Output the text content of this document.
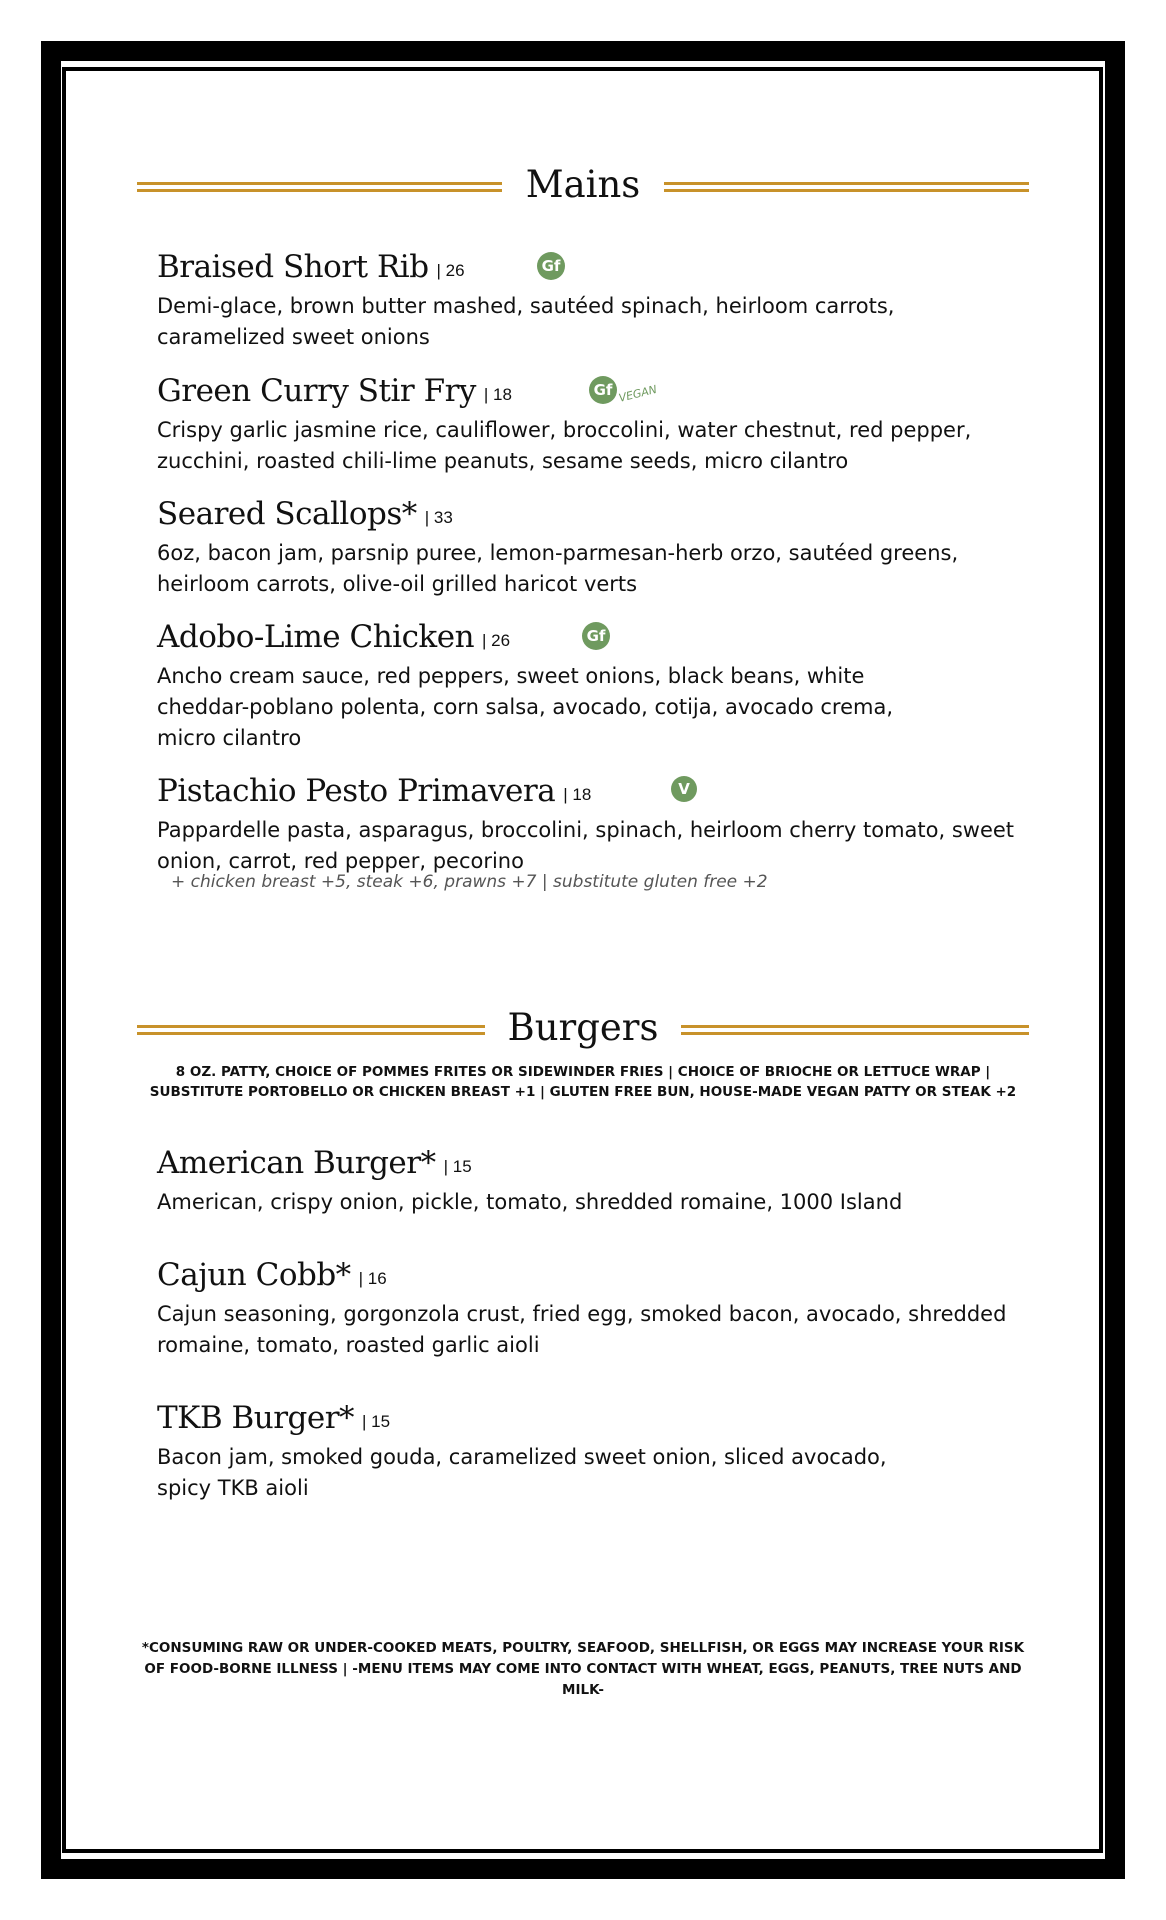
Mains
Braised Short Rib | 26
Demi-glace, brown butter mashed, sautéed spinach, heirloom carrots, caramelized sweet onions
Gf
Green Curry Stir Fry | 18
Crispy garlic jasmine rice, cauliflower, broccolini, water chestnut, red pepper, zucchini, roasted chili-lime peanuts, sesame seeds, micro cilantro
Gf VEGAN
Seared Scallops* | 33
6oz, bacon jam, parsnip puree, lemon-parmesan-herb orzo, sautéed greens, heirloom carrots, olive-oil grilled haricot verts
Adobo-Lime Chicken | 26
Ancho cream sauce, red peppers, sweet onions, black beans, white cheddar-poblano polenta, corn salsa, avocado, cotija, avocado crema, micro cilantro
Gf
Pistachio Pesto Primavera | 18
Pappardelle pasta, asparagus, broccolini, spinach, heirloom cherry tomato, sweet onion, carrot, red pepper, pecorino
V
+ chicken breast +5, steak +6, prawns +7 | substitute gluten free +2
Burgers
8 OZ. PATTY, CHOICE OF POMMES FRITES OR SIDEWINDER FRIES | CHOICE OF BRIOCHE OR LETTUCE WRAP | SUBSTITUTE PORTOBELLO OR CHICKEN BREAST +1 | GLUTEN FREE BUN, HOUSE-MADE VEGAN PATTY OR STEAK +2
American Burger* | 15
American, crispy onion, pickle, tomato, shredded romaine, 1000 Island
Cajun Cobb* | 16
Cajun seasoning, gorgonzola crust, fried egg, smoked bacon, avocado, shredded romaine, tomato, roasted garlic aioli
TKB Burger* | 15
Bacon jam, smoked gouda, caramelized sweet onion, sliced avocado, spicy TKB aioli
*CONSUMING RAW OR UNDER-COOKED MEATS, POULTRY, SEAFOOD, SHELLFISH, OR EGGS MAY INCREASE YOUR RISK OF FOOD-BORNE ILLNESS | -MENU ITEMS MAY COME INTO CONTACT WITH WHEAT, EGGS, PEANUTS, TREE NUTS AND MILK-
